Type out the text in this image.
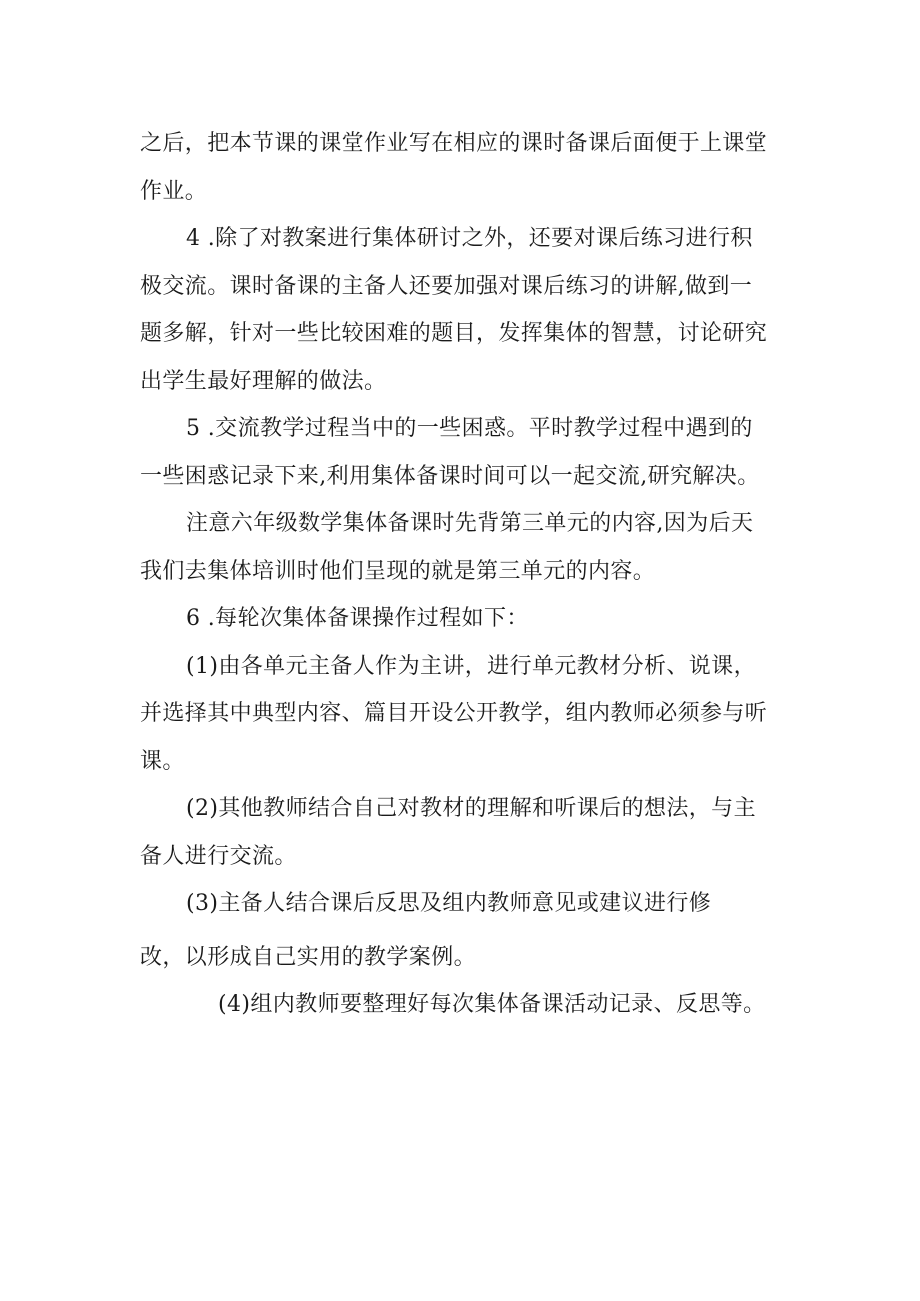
之后，把本节课的课堂作业写在相应的课时备课后面便于上课堂

作业。

4 .除了对教案进行集体研讨之外，还要对课后练习进行积

极交流。课时备课的主备人还要加强对课后练习的讲解,做到一

题多解，针对一些比较困难的题目，发挥集体的智慧，讨论研究

出学生最好理解的做法。

5 .交流教学过程当中的一些困惑。平时教学过程中遇到的

一些困惑记录下来,利用集体备课时间可以一起交流,研究解决。

注意六年级数学集体备课时先背第三单元的内容,因为后天

我们去集体培训时他们呈现的就是第三单元的内容。

6 .每轮次集体备课操作过程如下：

(1)由各单元主备人作为主讲，进行单元教材分析、说课，

并选择其中典型内容、篇目开设公开教学，组内教师必须参与听

课。

(2)其他教师结合自己对教材的理解和听课后的想法，与主

备人进行交流。

(3)主备人结合课后反思及组内教师意见或建议进行修

改，以形成自己实用的教学案例。

(4)组内教师要整理好每次集体备课活动记录、反思等。
